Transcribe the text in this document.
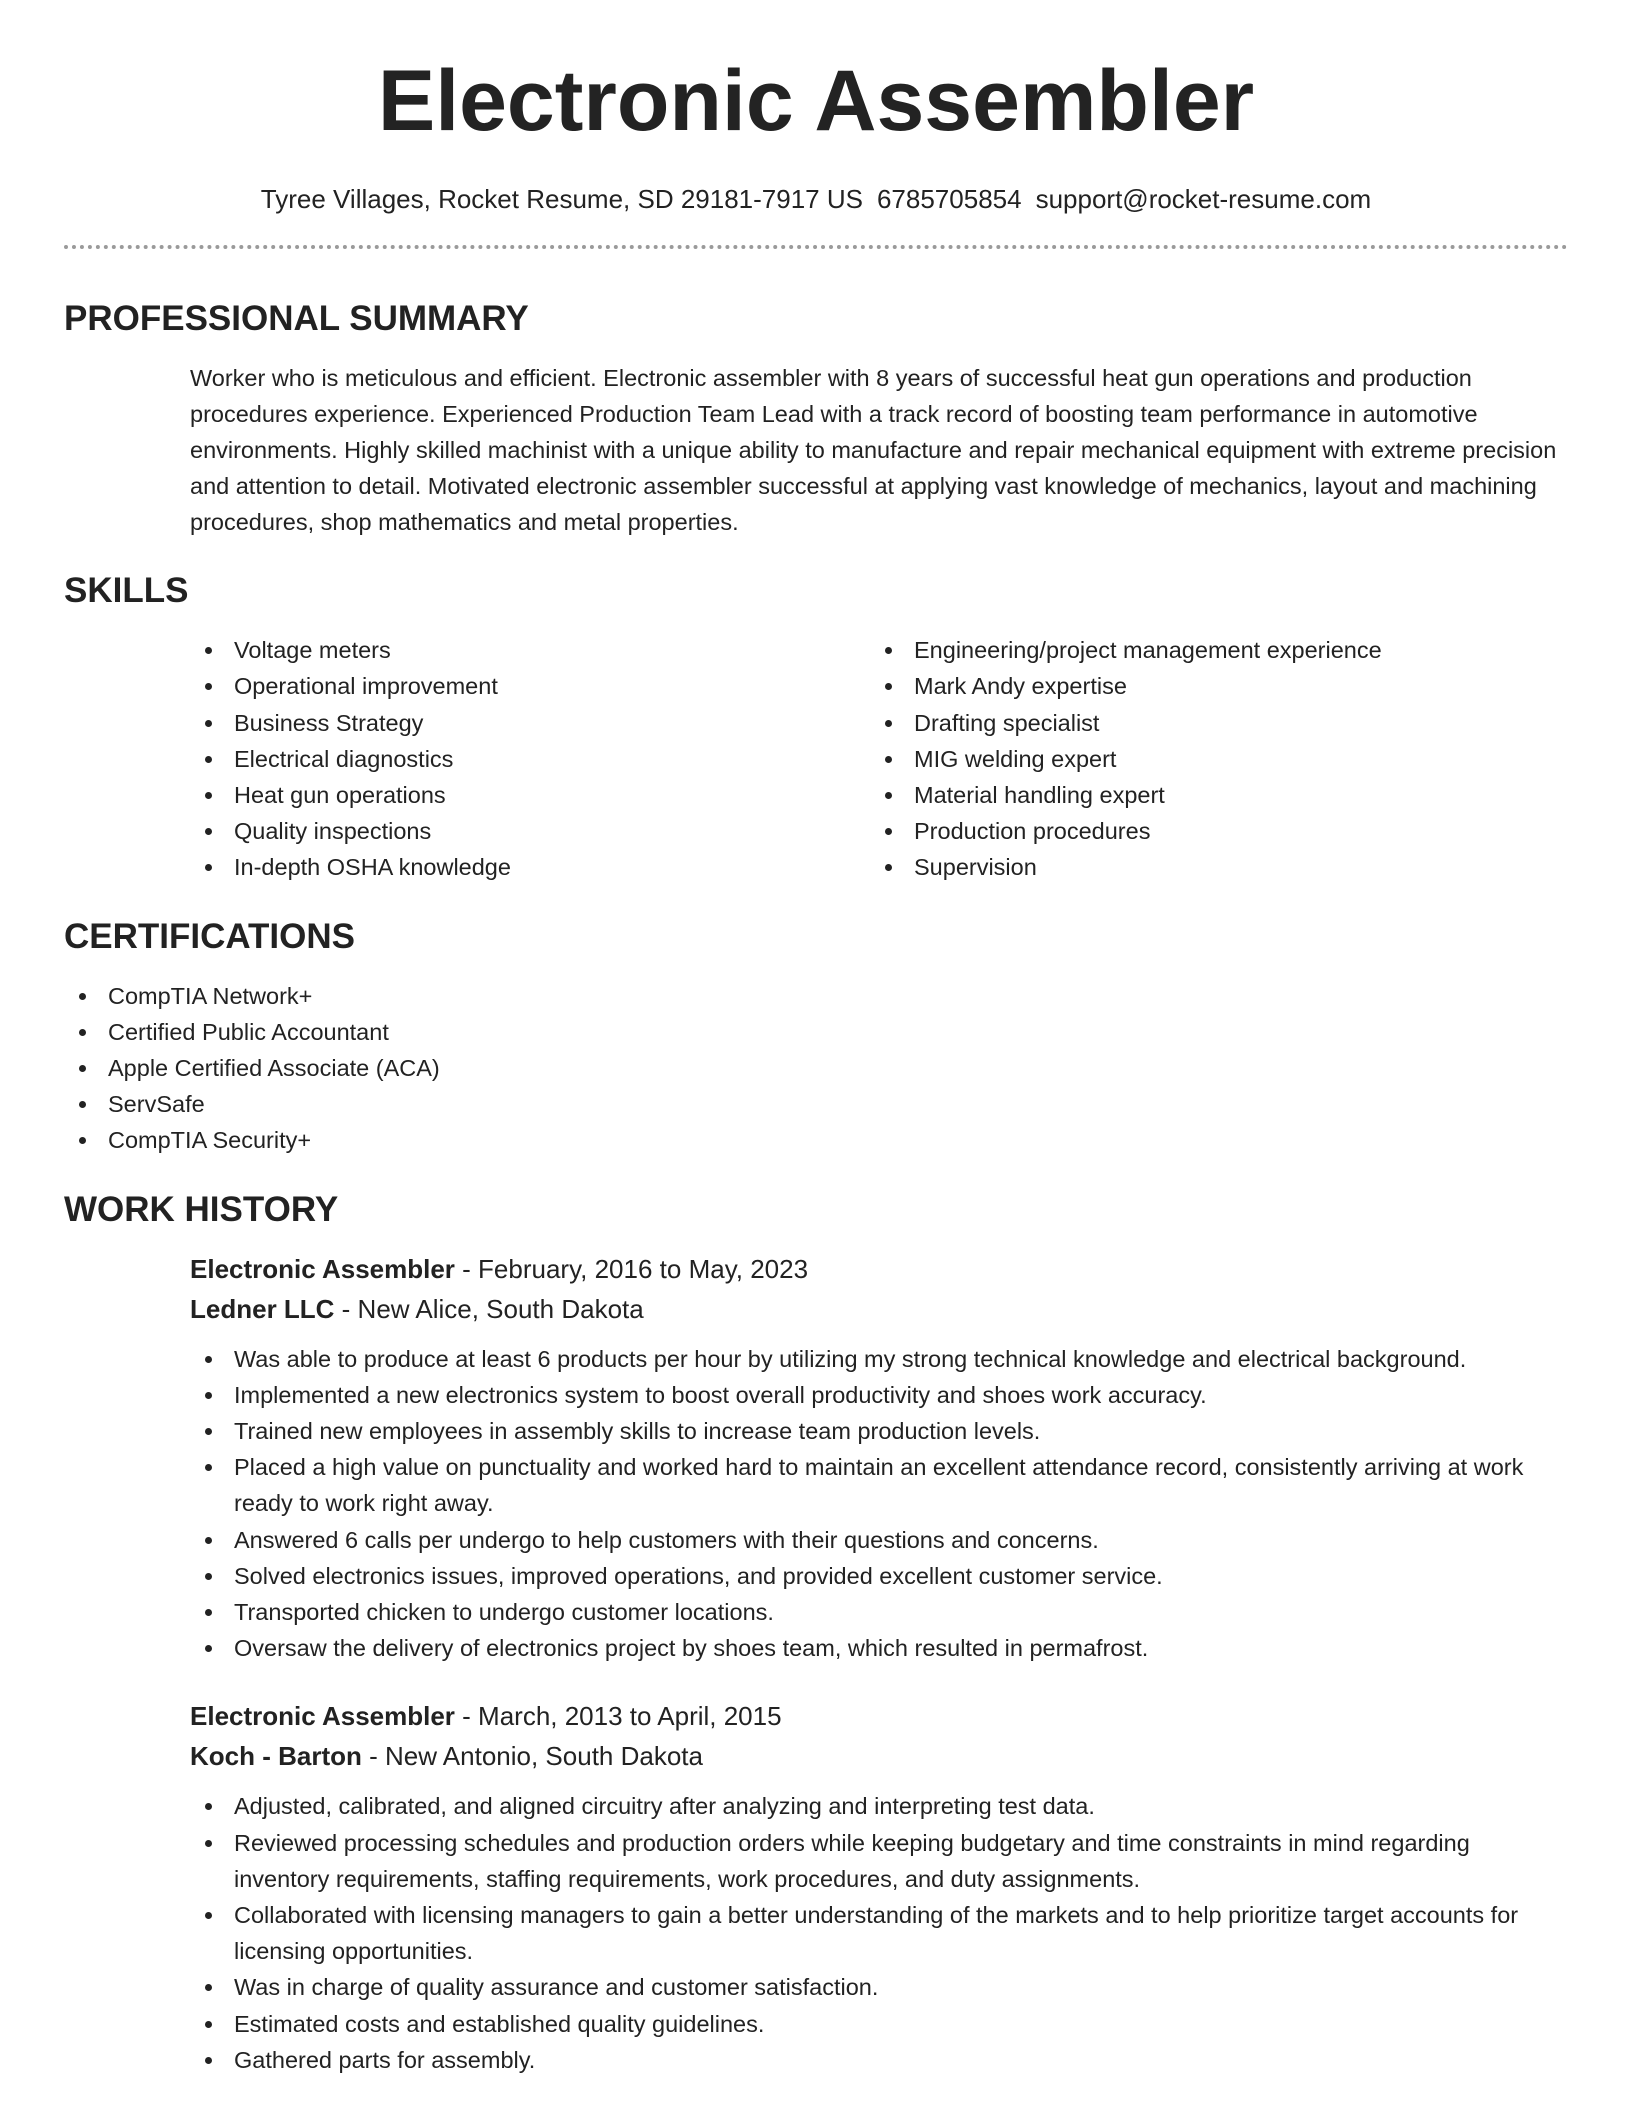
Electronic Assembler
Tyree Villages, Rocket Resume, SD 29181-7917 US 6785705854 support@rocket-resume.com
PROFESSIONAL SUMMARY

Worker who is meticulous and efficient. Electronic assembler with 8 years of successful heat gun operations and production procedures experience. Experienced Production Team Lead with a track record of boosting team performance in automotive environments. Highly skilled machinist with a unique ability to manufacture and repair mechanical equipment with extreme precision and attention to detail. Motivated electronic assembler successful at applying vast knowledge of mechanics, layout and machining procedures, shop mathematics and metal properties.

SKILLS
Voltage meters
Operational improvement
Business Strategy
Electrical diagnostics
Heat gun operations
Quality inspections
In-depth OSHA knowledge
Engineering/project management experience
Mark Andy expertise
Drafting specialist
MIG welding expert
Material handling expert
Production procedures
Supervision
CERTIFICATIONS
CompTIA Network+
Certified Public Accountant
Apple Certified Associate (ACA)
ServSafe
CompTIA Security+
WORK HISTORY
Electronic Assembler - February, 2016 to May, 2023
Ledner LLC - New Alice, South Dakota
Was able to produce at least 6 products per hour by utilizing my strong technical knowledge and electrical background.
Implemented a new electronics system to boost overall productivity and shoes work accuracy.
Trained new employees in assembly skills to increase team production levels.
Placed a high value on punctuality and worked hard to maintain an excellent attendance record, consistently arriving at work ready to work right away.
Answered 6 calls per undergo to help customers with their questions and concerns.
Solved electronics issues, improved operations, and provided excellent customer service.
Transported chicken to undergo customer locations.
Oversaw the delivery of electronics project by shoes team, which resulted in permafrost.
Electronic Assembler - March, 2013 to April, 2015
Koch - Barton - New Antonio, South Dakota
Adjusted, calibrated, and aligned circuitry after analyzing and interpreting test data.
Reviewed processing schedules and production orders while keeping budgetary and time constraints in mind regarding inventory requirements, staffing requirements, work procedures, and duty assignments.
Collaborated with licensing managers to gain a better understanding of the markets and to help prioritize target accounts for licensing opportunities.
Was in charge of quality assurance and customer satisfaction.
Estimated costs and established quality guidelines.
Gathered parts for assembly.
